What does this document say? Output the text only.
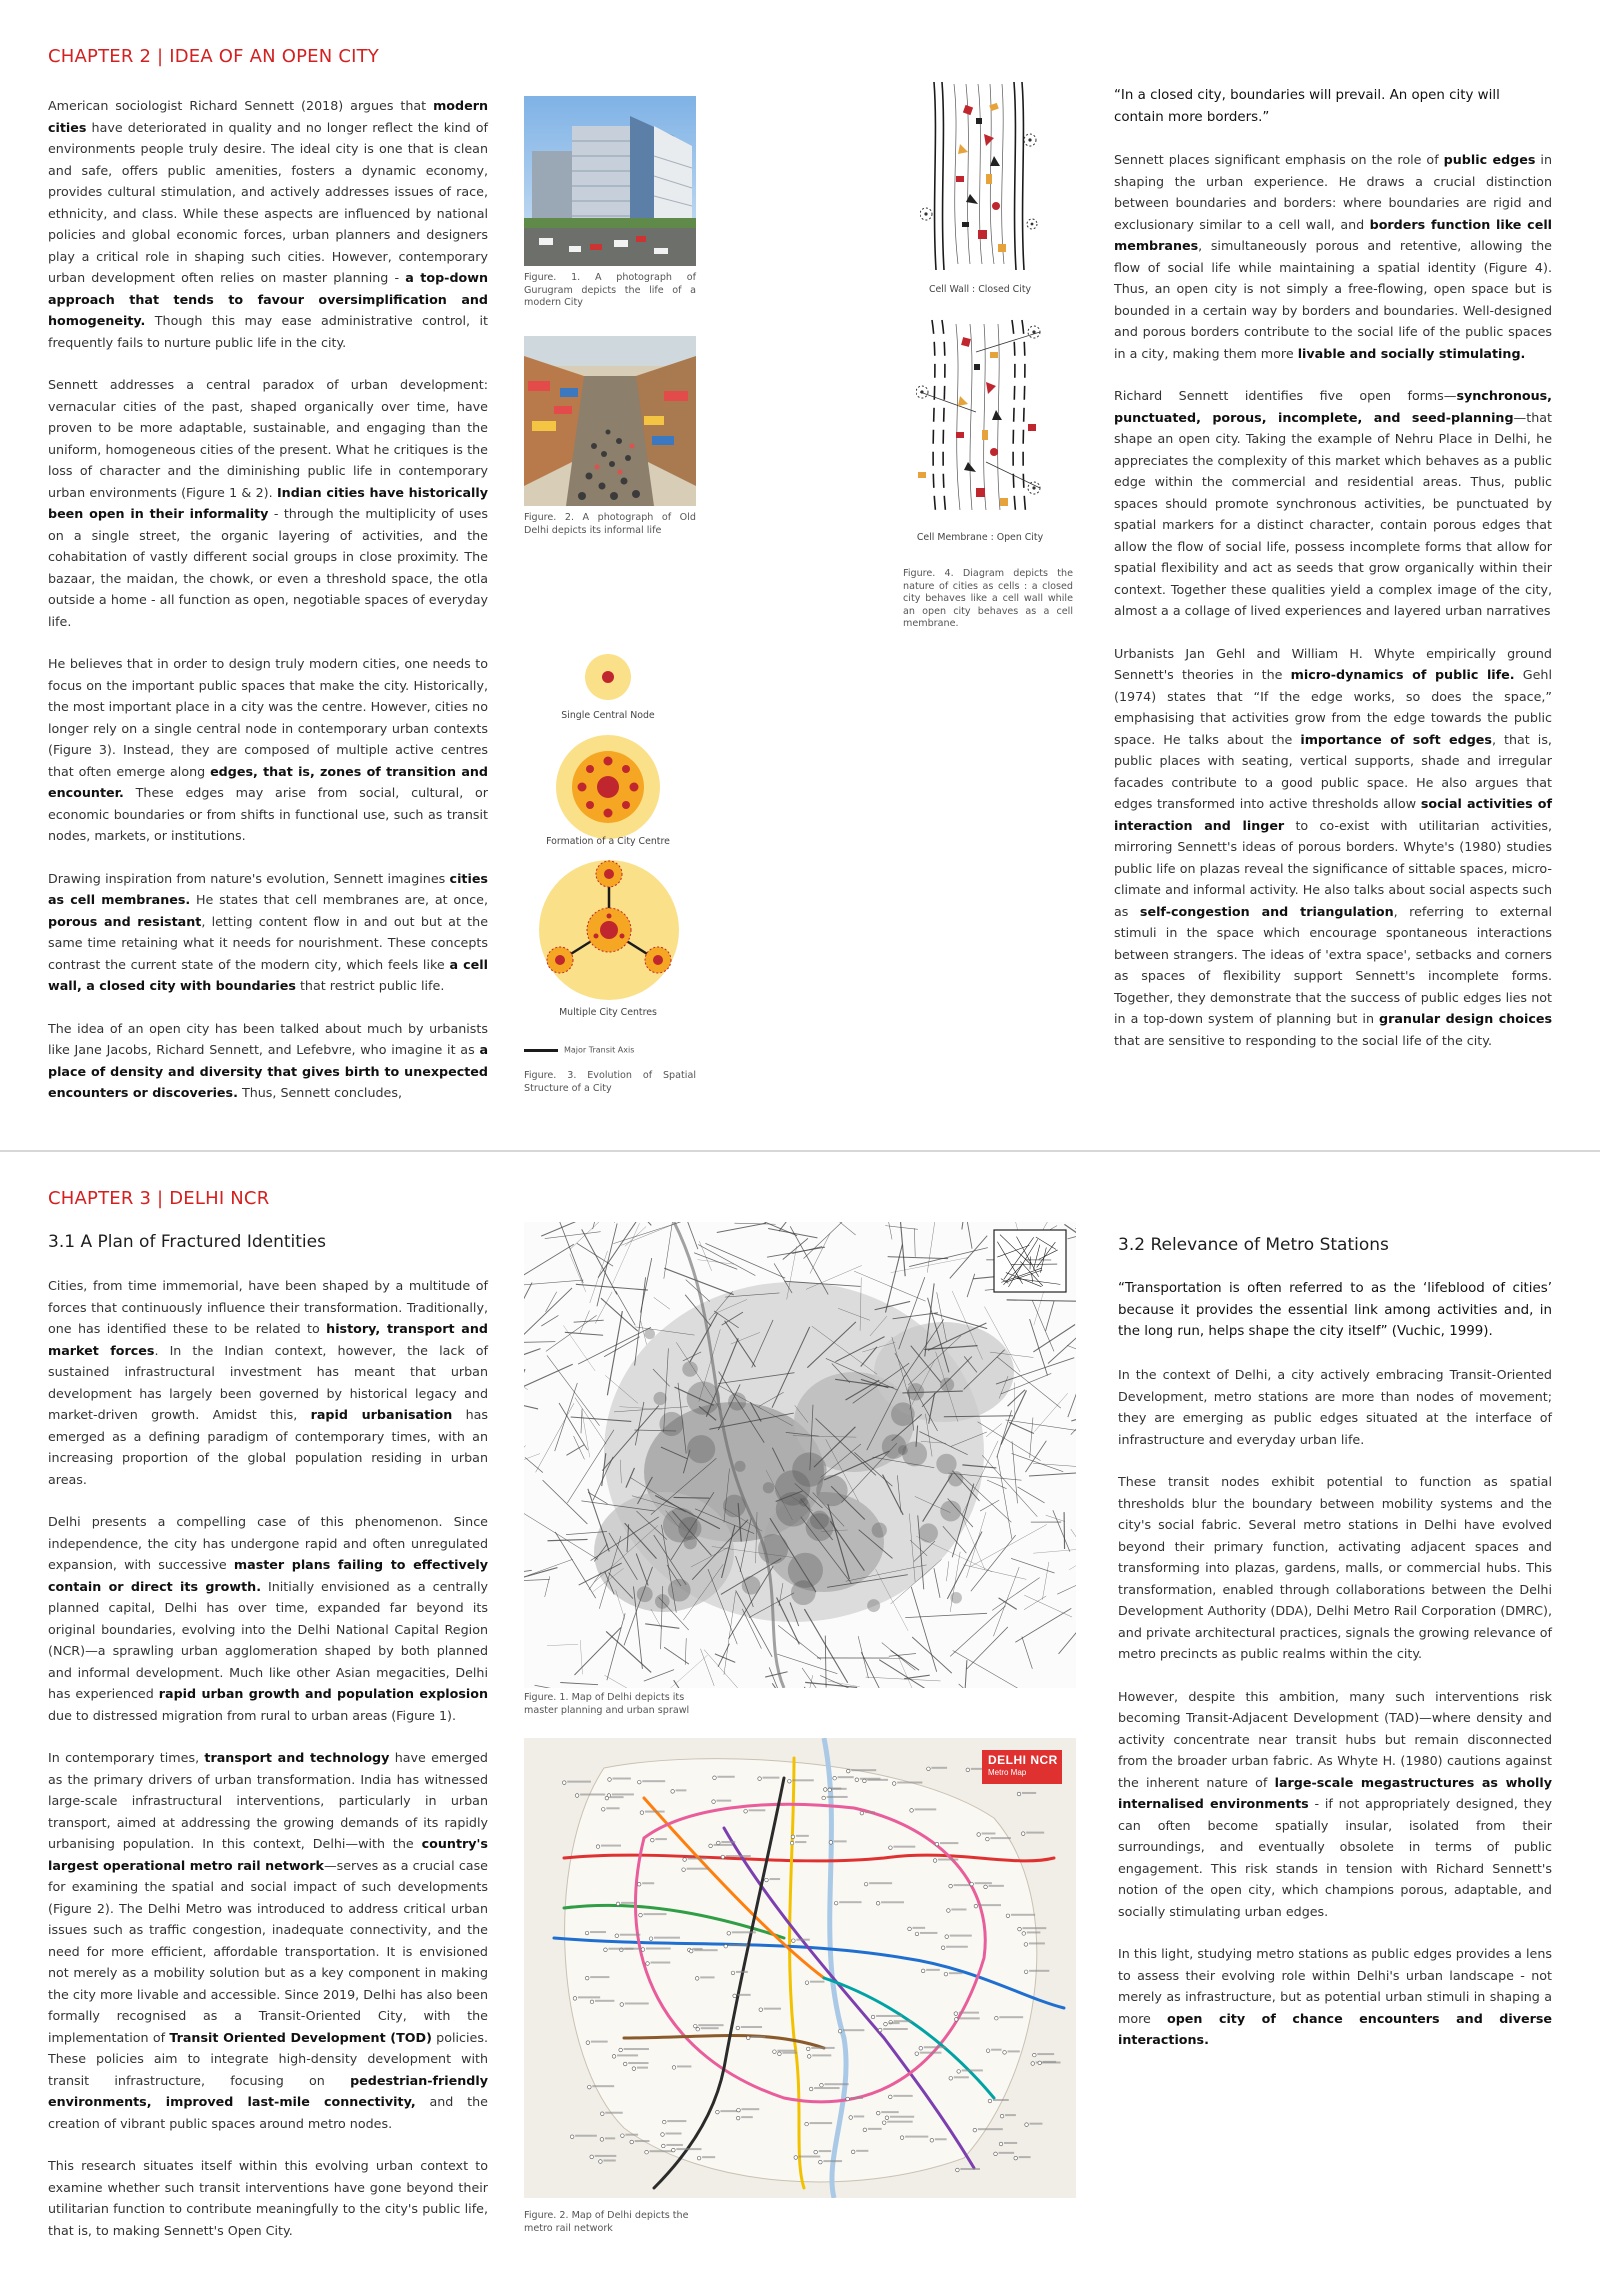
CHAPTER 2 | IDEA OF AN OPEN CITY

American sociologist Richard Sennett (2018) argues that modern cities have deteriorated in quality and no longer reflect the kind of environments people truly desire. The ideal city is one that is clean and safe, offers public amenities, fosters a dynamic economy, provides cultural stimulation, and actively addresses issues of race, ethnicity, and class. While these aspects are influenced by national policies and global economic forces, urban planners and designers play a critical role in shaping such cities. However, contemporary urban development often relies on master planning - a top-down approach that tends to favour oversimplification and homogeneity. Though this may ease administrative control, it frequently fails to nurture public life in the city.

Sennett addresses a central paradox of urban development: vernacular cities of the past, shaped organically over time, have proven to be more adaptable, sustainable, and engaging than the uniform, homogeneous cities of the present. What he critiques is the loss of character and the diminishing public life in contemporary urban environments (Figure 1 & 2). Indian cities have historically been open in their informality - through the multiplicity of uses on a single street, the organic layering of activities, and the cohabitation of vastly different social groups in close proximity. The bazaar, the maidan, the chowk, or even a threshold space, the otla outside a home - all function as open, negotiable spaces of everyday life.

He believes that in order to design truly modern cities, one needs to focus on the important public spaces that make the city. Historically, the most important place in a city was the centre. However, cities no longer rely on a single central node in contemporary urban contexts (Figure 3). Instead, they are composed of multiple active centres that often emerge along edges, that is, zones of transition and encounter. These edges may arise from social, cultural, or economic boundaries or from shifts in functional use, such as transit nodes, markets, or institutions.

Drawing inspiration from nature's evolution, Sennett imagines cities as cell membranes. He states that cell membranes are, at once, porous and resistant, letting content flow in and out but at the same time retaining what it needs for nourishment. These concepts contrast the current state of the modern city, which feels like a cell wall, a closed city with boundaries that restrict public life.

The idea of an open city has been talked about much by urbanists like Jane Jacobs, Richard Sennett, and Lefebvre, who imagine it as a place of density and diversity that gives birth to unexpected encounters or discoveries. Thus, Sennett concludes,

Figure. 1. A photograph of Gurugram depicts the life of a modern City
Figure. 2. A photograph of Old Delhi depicts its informal life
Single Central Node
Formation of a City Centre
Multiple City Centres
Major Transit Axis
Figure. 3. Evolution of Spatial Structure of a City
Cell Wall : Closed City
Cell Membrane : Open City
Figure. 4. Diagram depicts the nature of cities as cells : a closed city behaves like a cell wall while an open city behaves as a cell membrane.
“In a closed city, boundaries will prevail. An open city will contain more borders.”

Sennett places significant emphasis on the role of public edges in shaping the urban experience. He draws a crucial distinction between boundaries and borders: where boundaries are rigid and exclusionary similar to a cell wall, and borders function like cell membranes, simultaneously porous and retentive, allowing the flow of social life while maintaining a spatial identity (Figure 4). Thus, an open city is not simply a free-flowing, open space but is bounded in a certain way by borders and boundaries. Well-designed and porous borders contribute to the social life of the public spaces in a city, making them more livable and socially stimulating.

Richard Sennett identifies five open forms—synchronous, punctuated, porous, incomplete, and seed-planning—that shape an open city. Taking the example of Nehru Place in Delhi, he appreciates the complexity of this market which behaves as a public edge within the commercial and residential areas. Thus, public spaces should promote synchronous activities, be punctuated by spatial markers for a distinct character, contain porous edges that allow the flow of social life, possess incomplete forms that allow for spatial flexibility and act as seeds that grow organically within their context. Together these qualities yield a complex image of the city, almost a a collage of lived experiences and layered urban narratives

Urbanists Jan Gehl and William H. Whyte empirically ground Sennett's theories in the micro-dynamics of public life. Gehl (1974) states that “If the edge works, so does the space,” emphasising that activities grow from the edge towards the public space. He talks about the importance of soft edges, that is, public places with seating, vertical supports, shade and irregular facades contribute to a good public space. He also argues that edges transformed into active thresholds allow social activities of interaction and linger to co-exist with utilitarian activities, mirroring Sennett's ideas of porous borders. Whyte's (1980) studies public life on plazas reveal the significance of sittable spaces, micro-climate and informal activity. He also talks about social aspects such as self-congestion and triangulation, referring to external stimuli in the space which encourage spontaneous interactions between strangers. The ideas of 'extra space', setbacks and corners as spaces of flexibility support Sennett's incomplete forms. Together, they demonstrate that the success of public edges lies not in a top-down system of planning but in granular design choices that are sensitive to responding to the social life of the city.

CHAPTER 3 | DELHI NCR
3.1 A Plan of Fractured Identities

Cities, from time immemorial, have been shaped by a multitude of forces that continuously influence their transformation. Traditionally, one has identified these to be related to history, transport and market forces. In the Indian context, however, the lack of sustained infrastructural investment has meant that urban development has largely been governed by historical legacy and market-driven growth. Amidst this, rapid urbanisation has emerged as a defining paradigm of contemporary times, with an increasing proportion of the global population residing in urban areas.

Delhi presents a compelling case of this phenomenon. Since independence, the city has undergone rapid and often unregulated expansion, with successive master plans failing to effectively contain or direct its growth. Initially envisioned as a centrally planned capital, Delhi has over time, expanded far beyond its original boundaries, evolving into the Delhi National Capital Region (NCR)—a sprawling urban agglomeration shaped by both planned and informal development. Much like other Asian megacities, Delhi has experienced rapid urban growth and population explosion due to distressed migration from rural to urban areas (Figure 1).

In contemporary times, transport and technology have emerged as the primary drivers of urban transformation. India has witnessed large-scale infrastructural interventions, particularly in urban transport, aimed at addressing the growing demands of its rapidly urbanising population. In this context, Delhi—with the country's largest operational metro rail network—serves as a crucial case for examining the spatial and social impact of such developments (Figure 2). The Delhi Metro was introduced to address critical urban issues such as traffic congestion, inadequate connectivity, and the need for more efficient, affordable transportation. It is envisioned not merely as a mobility solution but as a key component in making the city more livable and accessible. Since 2019, Delhi has also been formally recognised as a Transit-Oriented City, with the implementation of Transit Oriented Development (TOD) policies. These policies aim to integrate high-density development with transit infrastructure, focusing on pedestrian-friendly environments, improved last-mile connectivity, and the creation of vibrant public spaces around metro nodes.

This research situates itself within this evolving urban context to examine whether such transit interventions have gone beyond their utilitarian function to contribute meaningfully to the city's public life, that is, to making Sennett's Open City.

Figure. 1. Map of Delhi depicts its master planning and urban sprawl
DELHI NCR
Metro Map
Figure. 2. Map of Delhi depicts the metro rail network
3.2 Relevance of Metro Stations
“Transportation is often referred to as the ‘lifeblood of cities’ because it provides the essential link among activities and, in the long run, helps shape the city itself” (Vuchic, 1999).

In the context of Delhi, a city actively embracing Transit-Oriented Development, metro stations are more than nodes of movement; they are emerging as public edges situated at the interface of infrastructure and everyday urban life.

These transit nodes exhibit potential to function as spatial thresholds blur the boundary between mobility systems and the city's social fabric. Several metro stations in Delhi have evolved beyond their primary function, activating adjacent spaces and transforming into plazas, gardens, malls, or commercial hubs. This transformation, enabled through collaborations between the Delhi Development Authority (DDA), Delhi Metro Rail Corporation (DMRC), and private architectural practices, signals the growing relevance of metro precincts as public realms within the city.

However, despite this ambition, many such interventions risk becoming Transit-Adjacent Development (TAD)—where density and activity concentrate near transit hubs but remain disconnected from the broader urban fabric. As Whyte H. (1980) cautions against the inherent nature of large-scale megastructures as wholly internalised environments - if not appropriately designed, they can often become spatially insular, isolated from their surroundings, and eventually obsolete in terms of public engagement. This risk stands in tension with Richard Sennett's notion of the open city, which champions porous, adaptable, and socially stimulating urban edges.

In this light, studying metro stations as public edges provides a lens to assess their evolving role within Delhi's urban landscape - not merely as infrastructure, but as potential urban stimuli in shaping a more open city of chance encounters and diverse interactions.
